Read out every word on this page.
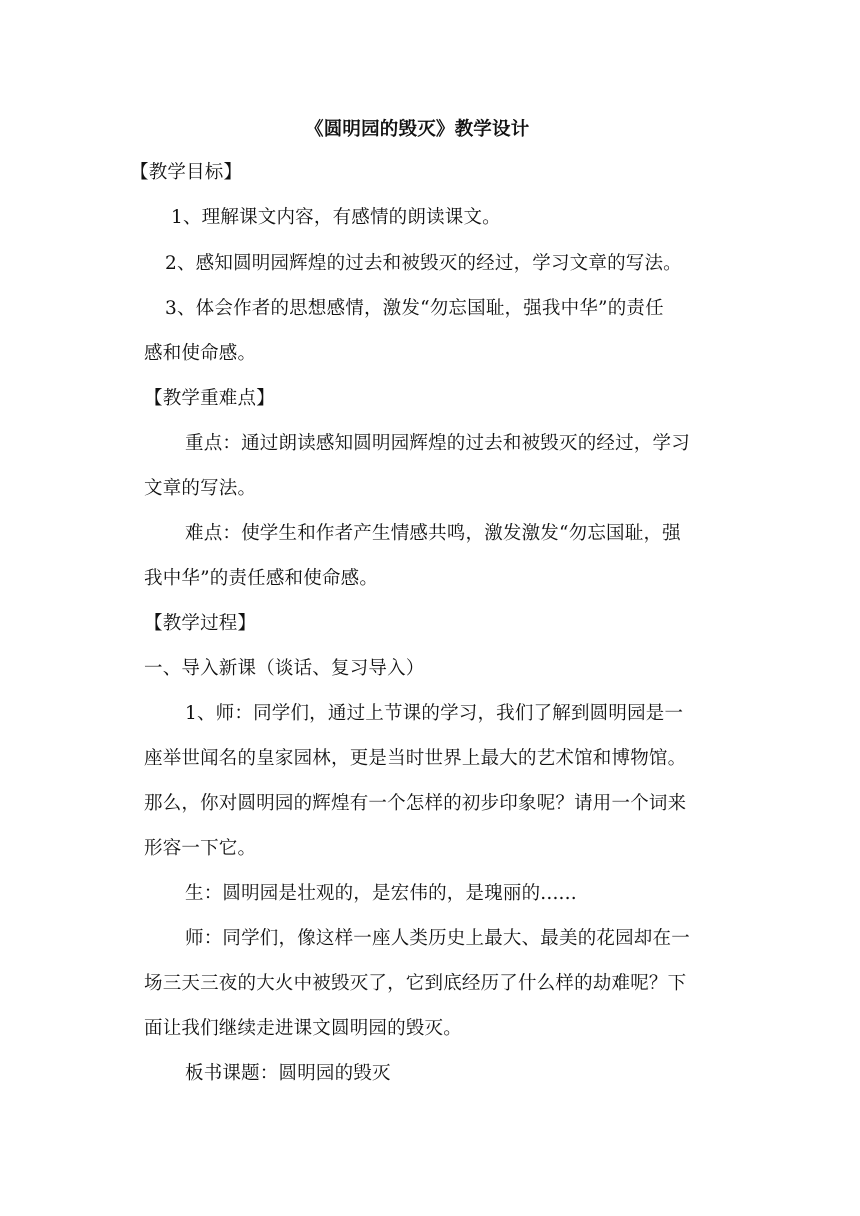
《圆明园的毁灭》教学设计
【教学目标】
1、理解课文内容，有感情的朗读课文。
2、感知圆明园辉煌的过去和被毁灭的经过，学习文章的写法。
3、体会作者的思想感情，激发“勿忘国耻，强我中华”的责任
感和使命感。
【教学重难点】
重点：通过朗读感知圆明园辉煌的过去和被毁灭的经过，学习
文章的写法。
难点：使学生和作者产生情感共鸣，激发激发“勿忘国耻，强
我中华”的责任感和使命感。
【教学过程】
一、导入新课（谈话、复习导入）
1、师：同学们，通过上节课的学习，我们了解到圆明园是一
座举世闻名的皇家园林，更是当时世界上最大的艺术馆和博物馆。
那么，你对圆明园的辉煌有一个怎样的初步印象呢？请用一个词来
形容一下它。
生：圆明园是壮观的，是宏伟的，是瑰丽的......
师：同学们，像这样一座人类历史上最大、最美的花园却在一
场三天三夜的大火中被毁灭了，它到底经历了什么样的劫难呢？下
面让我们继续走进课文圆明园的毁灭。
板书课题：圆明园的毁灭
